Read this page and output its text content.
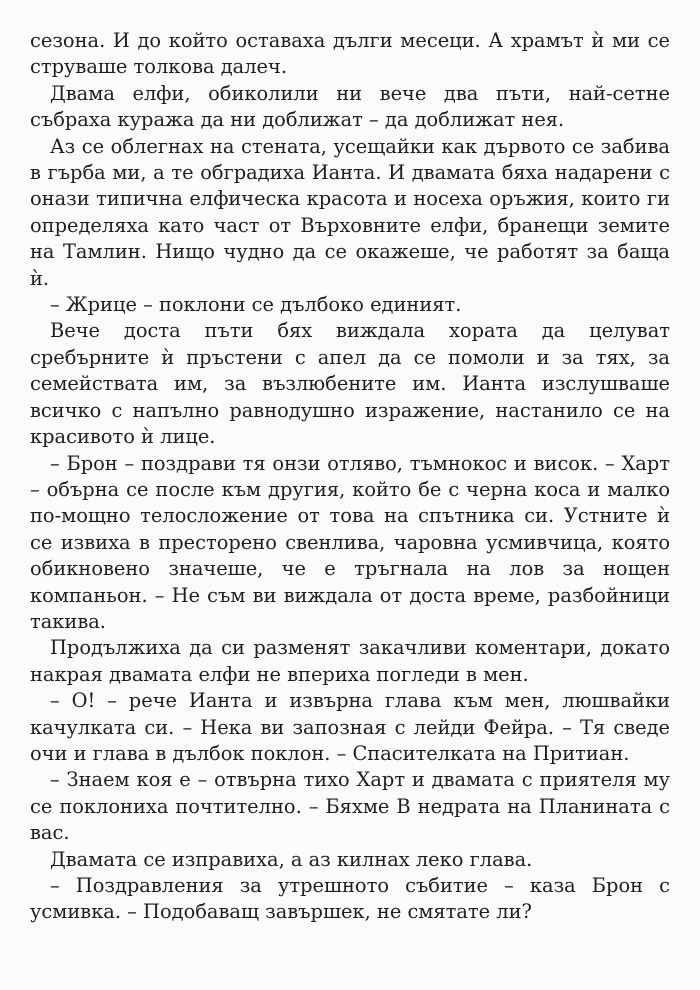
сезона. И до който оставаха дълги месеци. А храмът ѝ ми се струваше толкова далеч.

Двама елфи, обиколили ни вече два пъти, най-сетне събраха куража да ни доближат – да доближат нея.

Аз се облегнах на стената, усещайки как дървото се забива в гърба ми, а те обградиха Ианта. И двамата бяха надарени с онази типична елфическа красота и носеха оръжия, които ги определяха като част от Върховните елфи, бранещи земите на Тамлин. Нищо чудно да се окажеше, че работят за баща ѝ.

– Жрице – поклони се дълбоко единият.

Вече доста пъти бях виждала хората да целуват сребърните ѝ пръстени с апел да се помоли и за тях, за семействата им, за възлюбените им. Ианта изслушваше всичко с напълно равнодушно изражение, настанило се на красивото ѝ лице.

– Брон – поздрави тя онзи отляво, тъмнокос и висок. – Харт – обърна се после към другия, който бе с черна коса и малко по-мощно телосложение от това на спътника си. Устните ѝ се извиха в престорено свенлива, чаровна усмивчица, която обикновено значеше, че е тръгнала на лов за нощен компаньон. – Не съм ви виждала от доста време, разбойници такива.

Продължиха да си разменят закачливи коментари, докато накрая двамата елфи не впериха погледи в мен.

– О! – рече Ианта и извърна глава към мен, люшвайки качулката си. – Нека ви запозная с лейди Фейра. – Тя сведе очи и глава в дълбок поклон. – Спасителката на Притиан.

– Знаем коя е – отвърна тихо Харт и двамата с приятеля му се поклониха почтително. – Бяхме В недрата на Планината с вас.

Двамата се изправиха, а аз килнах леко глава.

– Поздравления за утрешното събитие – каза Брон с усмивка. – Подобаващ завършек, не смятате ли?
